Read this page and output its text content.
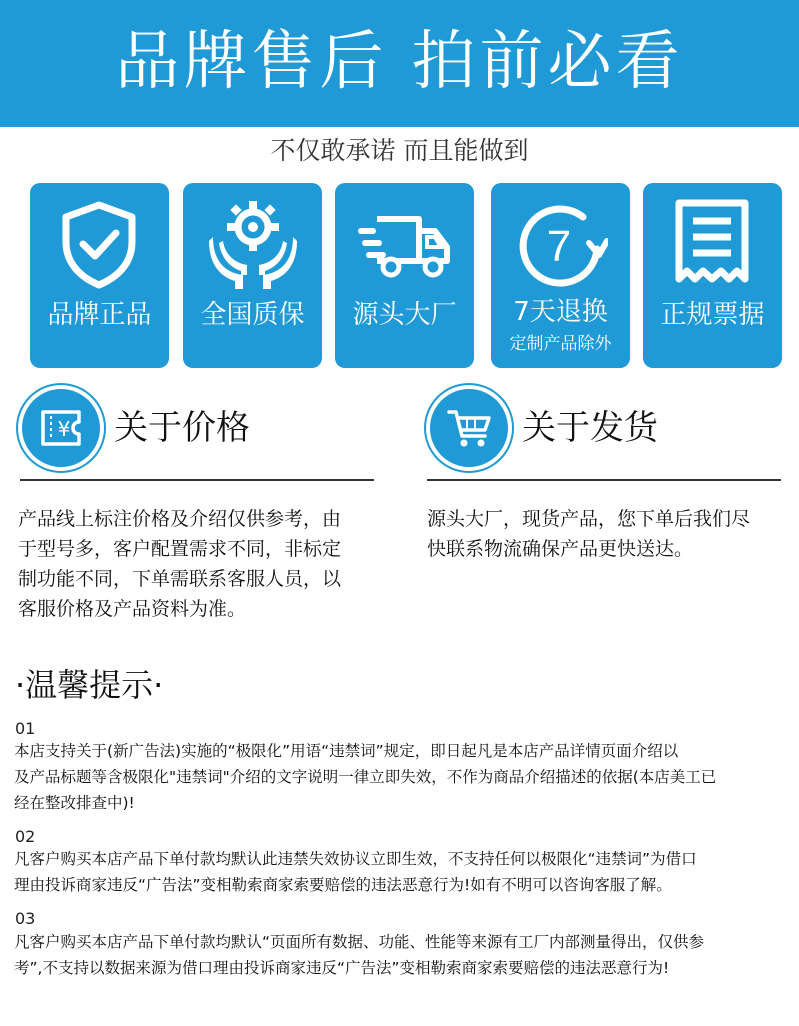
品牌售后 拍前必看
不仅敢承诺 而且能做到
品牌正品	全国质保	源头大厂
7
7天退换
定制产品除外
正规票据
¥ 关于价格
产品线上标注价格及介绍仅供参考，由
于型号多，客户配置需求不同，非标定
制功能不同，下单需联系客服人员，以
客服价格及产品资料为准。
关于发货
源头大厂，现货产品，您下单后我们尽
快联系物流确保产品更快送达。
·温馨提示·
01
本店支持关于(新广告法)实施的“极限化”用语“违禁词”规定，即日起凡是本店产品详情页面介绍以
及产品标题等含极限化"违禁词"介绍的文字说明一律立即失效，不作为商品介绍描述的依据(本店美工已
经在整改排查中)!
02
凡客户购买本店产品下单付款均默认此违禁失效协议立即生效，不支持任何以极限化“违禁词”为借口
理由投诉商家违反“广告法”变相勒索商家索要赔偿的违法恶意行为!如有不明可以咨询客服了解。
03
凡客户购买本店产品下单付款均默认“页面所有数据、功能、性能等来源有工厂内部测量得出，仅供参
考”,不支持以数据来源为借口理由投诉商家违反“广告法”变相勒索商家索要赔偿的违法恶意行为!
